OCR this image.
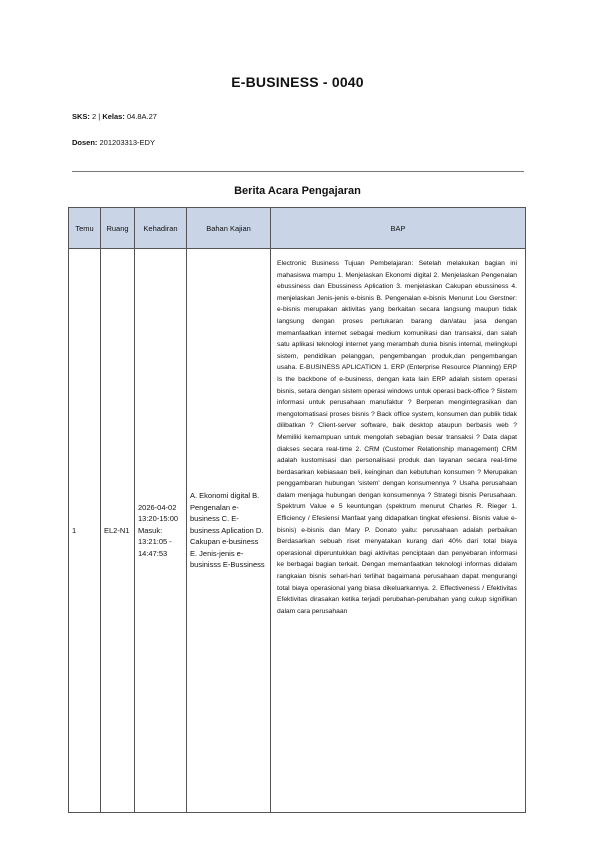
E-BUSINESS - 0040
SKS: 2 | Kelas: 04.8A.27
Dosen: 201203313-EDY
Berita Acara Pengajaran
Temu	Ruang	Kehadiran	Bahan Kajian	BAP
1	EL2-N1	2026-04-02 13:20-15:00 Masuk: 13:21:05 - 14:47:53	A. Ekonomi digital B. Pengenalan e-business C. E-business Aplication D. Cakupan e-business E. Jenis-jenis e-businisss E-Bussiness	Electronic Business Tujuan Pembelajaran: Setelah melakukan bagian ini mahasiswa mampu 1. Menjelaskan Ekonomi digital 2. Menjelaskan Pengenalan ebussiness dan Ebussiness Aplication 3. menjelaskan Cakupan ebussiness 4. menjelaskan Jenis-jenis e-bisnis B. Pengenalan e-bisnis Menurut Lou Gerstner: e-bisnis merupakan aktivitas yang berkaitan secara langsung maupun tidak langsung dengan proses pertukaran barang dan/atau jasa dengan memanfaatkan internet sebagai medium komunikasi dan transaksi, dan salah satu aplikasi teknologi internet yang merambah dunia bisnis internal, melingkupi sistem, pendidikan pelanggan, pengembangan produk,dan pengembangan usaha. E-BUSINESS APLICATION 1. ERP (Enterprise Resource Planning) ERP Is the backbone of e-business, dengan kata lain ERP adalah sistem operasi bisnis, setara dengan sistem operasi windows untuk operasi back-office ? Sistem informasi untuk perusahaan manufaktur ? Berperan mengintegrasikan dan mengotomatisasi proses bisnis ? Back office system, konsumen dan publik tidak dilibatkan ? Client-server software, baik desktop ataupun berbasis web ? Memiliki kemampuan untuk mengolah sebagian besar transaksi ? Data dapat diakses secara real-time 2. CRM (Customer Relationship management) CRM adalah kustomisasi dan personalisasi produk dan layanan secara real-time berdasarkan kebiasaan beli, keinginan dan kebutuhan konsumen ? Merupakan penggambaran hubungan 'sistem' dengan konsumennya ? Usaha perusahaan dalam menjaga hubungan dengan konsumennya ? Strategi bisnis Perusahaan. Spektrum Value e 5 keuntungan (spektrum menurut Charles R. Rieger 1. Efficiency / Efesiensi Manfaat yang didapatkan tingkat efesiensi. Bisnis value e-bisnis) e-bisnis dan Mary P. Donato yaitu: perusahaan adalah perbaikan Berdasarkan sebuah riset menyatakan kurang dari 40% dari total biaya operasional diperuntukkan bagi aktivitas penciptaan dan penyebaran informasi ke berbagai bagian terkait. Dengan memanfaatkan teknologi informas didalam rangkaian bisnis sehari-hari terlihat bagaimana perusahaan dapat mengurangi total biaya operasional yang biasa dikeluarkannya. 2. Effectiveness / Efektivitas Efektivitas dirasakan ketika terjadi perubahan-perubahan yang cukup signifikan dalam cara perusahaan
